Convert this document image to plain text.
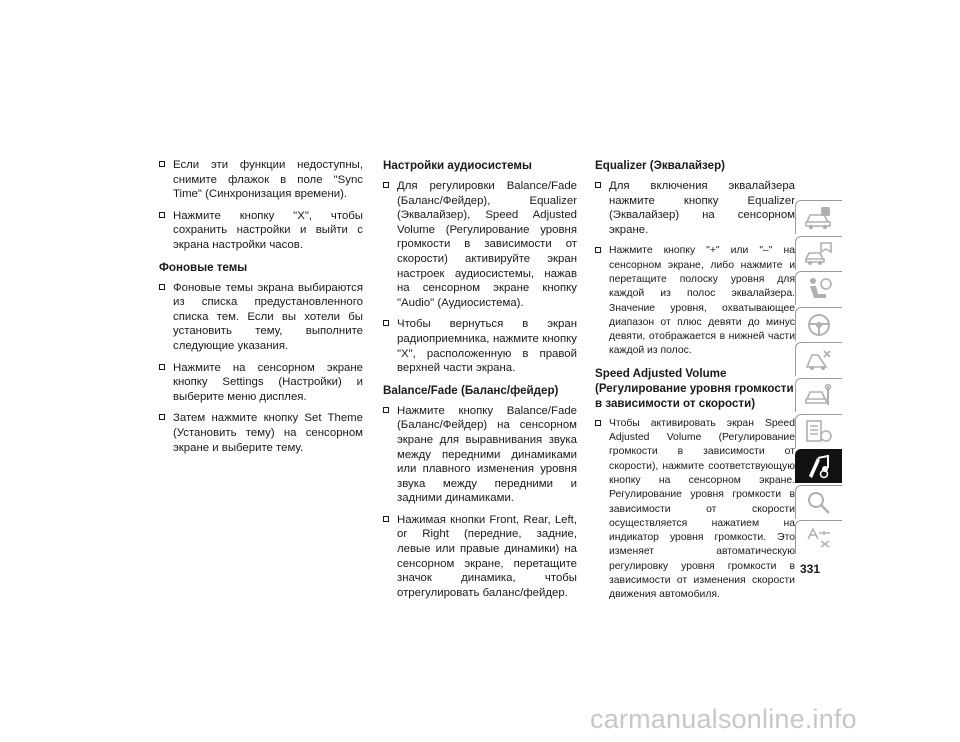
Если эти функции недоступны, снимите флажок в поле "Sync Time" (Синхронизация времени).
Нажмите кнопку "X", чтобы сохранить настройки и выйти с экрана настройки часов.
Фоновые темы
Фоновые темы экрана выбираются из списка предустановленного списка тем. Если вы хотели бы установить тему, выполните следующие указания.
Нажмите на сенсорном экране кнопку Settings (Настройки) и выберите меню дисплея.
Затем нажмите кнопку Set Theme (Установить тему) на сенсорном экране и выберите тему.
Настройки аудиосистемы
Для регулировки Balance/Fade (Баланс/Фейдер), Equalizer (Эквалайзер), Speed Adjusted Volume (Регулирование уровня громкости в зависимости от скорости) активируйте экран настроек аудиосистемы, нажав на сенсорном экране кнопку "Audio" (Аудиосистема).
Чтобы вернуться в экран радиоприемника, нажмите кнопку "X", расположенную в правой верхней части экрана.
Balance/Fade (Баланс/фейдер)
Нажмите кнопку Balance/Fade (Баланс/Фейдер) на сенсорном экране для выравнивания звука между передними динамиками или плавного изменения уровня звука между передними и задними динамиками.
Нажимая кнопки Front, Rear, Left, or Right (передние, задние, левые или правые динамики) на сенсорном экране, перетащите значок динамика, чтобы отрегулировать баланс/фейдер.
Equalizer (Эквалайзер)
Для включения эквалайзера нажмите кнопку Equalizer (Эквалайзер) на сенсорном экране.
Нажмите кнопку "+" или "–" на сенсорном экране, либо нажмите и перетащите полоску уровня для каждой из полос эквалайзера. Значение уровня, охватывающее диапазон от плюс девяти до минус девяти, отображается в нижней части каждой из полос.
Speed Adjusted Volume (Регулирование уровня громкости в зависимости от скорости)
Чтобы активировать экран Speed Adjusted Volume (Регулирование громкости в зависимости от скорости), нажмите соответствующую кнопку на сенсорном экране. Регулирование уровня громкости в зависимости от скорости осуществляется нажатием на индикатор уровня громкости. Это изменяет автоматическую регулировку уровня громкости в зависимости от изменения скорости движения автомобиля.
331
carmanualsonline.info
